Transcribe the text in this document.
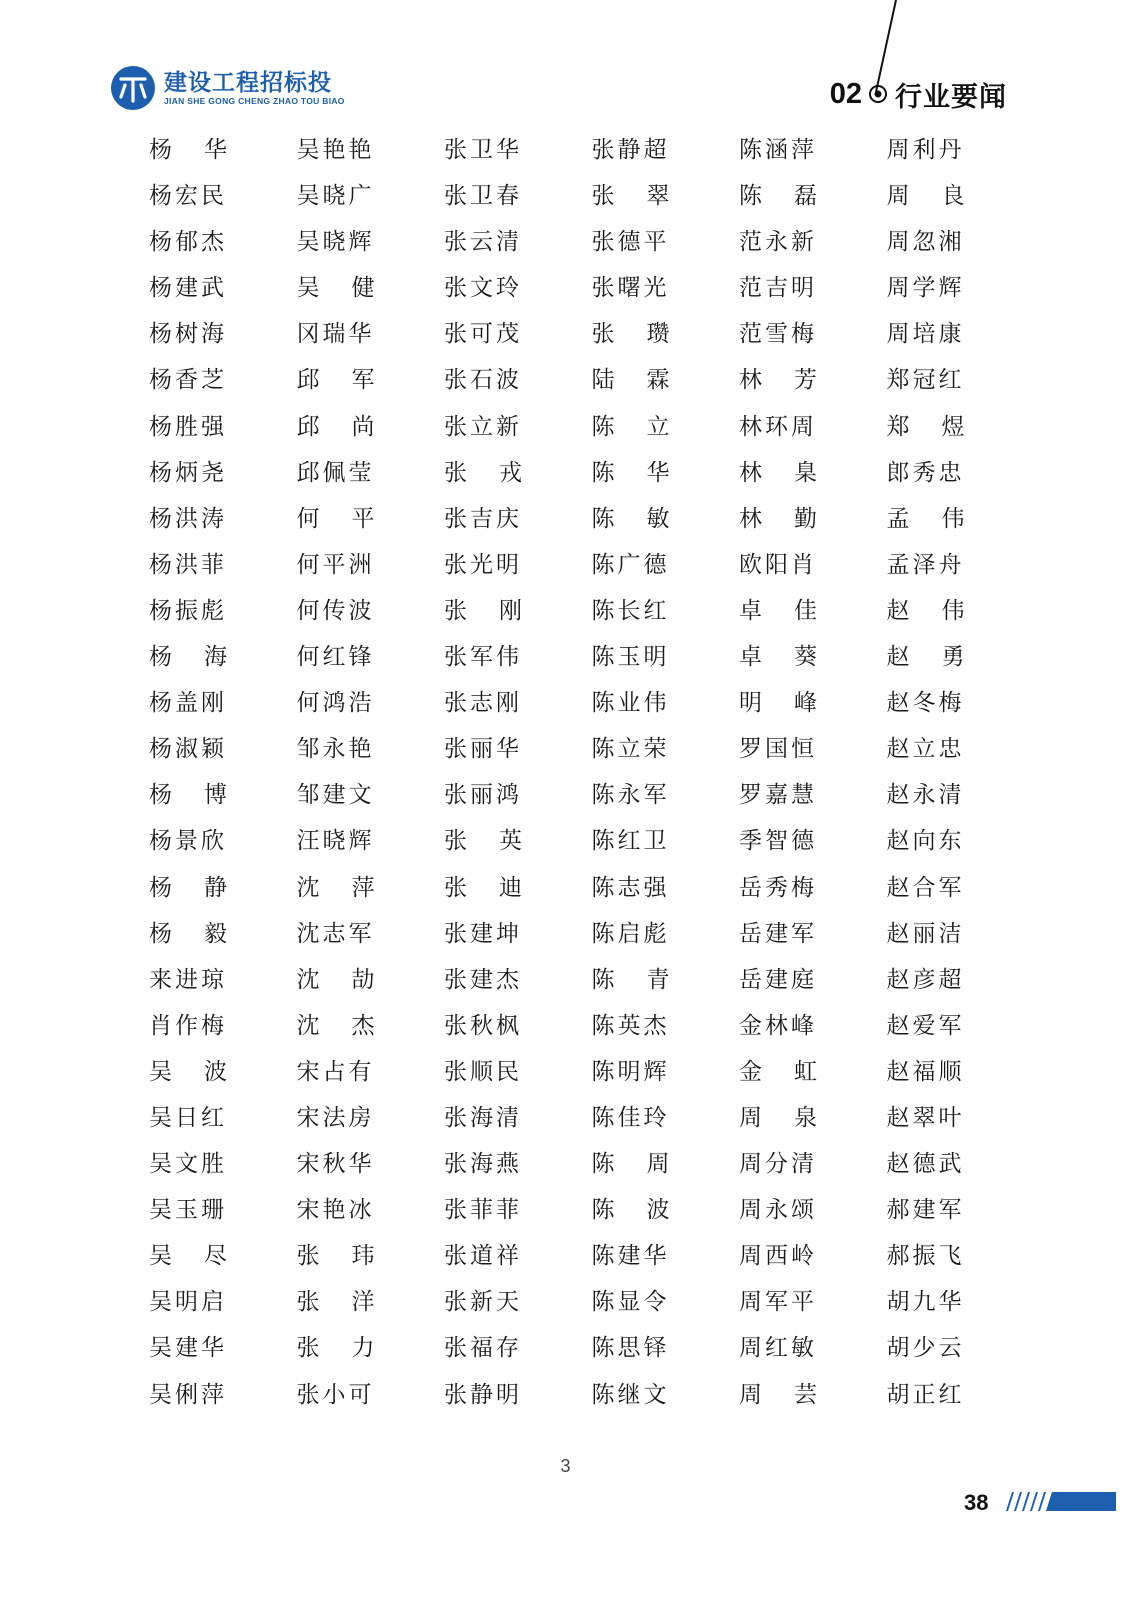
建设工程招标投
JIAN SHE GONG CHENG ZHAO TOU BIAO	02 行业要闻
杨 华	吴艳艳	张卫华	张静超	陈涵萍	周利丹
杨宏民	吴晓广	张卫春	张 翠	陈 磊	周 良
杨郁杰	吴晓辉	张云清	张德平	范永新	周忽湘
杨建武	吴 健	张文玲	张曙光	范吉明	周学辉
杨树海	冈瑞华	张可茂	张 瓒	范雪梅	周培康
杨香芝	邱 军	张石波	陆 霖	林 芳	郑冠红
杨胜强	邱 尚	张立新	陈 立	林环周	郑 煜
杨炳尧	邱佩莹	张 戎	陈 华	林 臬	郎秀忠
杨洪涛	何 平	张吉庆	陈 敏	林 勤	孟 伟
杨洪菲	何平洲	张光明	陈广德	欧阳肖	孟泽舟
杨振彪	何传波	张 刚	陈长红	卓 佳	赵 伟
杨 海	何红锋	张军伟	陈玉明	卓 葵	赵 勇
杨盖刚	何鸿浩	张志刚	陈业伟	明 峰	赵冬梅
杨淑颖	邹永艳	张丽华	陈立荣	罗国恒	赵立忠
杨 博	邹建文	张丽鸿	陈永军	罗嘉慧	赵永清
杨景欣	汪晓辉	张 英	陈红卫	季智德	赵向东
杨 静	沈 萍	张 迪	陈志强	岳秀梅	赵合军
杨 毅	沈志军	张建坤	陈启彪	岳建军	赵丽洁
来进琼	沈 劼	张建杰	陈 青	岳建庭	赵彦超
肖作梅	沈 杰	张秋枫	陈英杰	金林峰	赵爱军
吴 波	宋占有	张顺民	陈明辉	金 虹	赵福顺
吴日红	宋法房	张海清	陈佳玲	周 泉	赵翠叶
吴文胜	宋秋华	张海燕	陈 周	周分清	赵德武
吴玉珊	宋艳冰	张菲菲	陈 波	周永颂	郝建军
吴 尽	张 玮	张道祥	陈建华	周西岭	郝振飞
吴明启	张 洋	张新天	陈显令	周军平	胡九华
吴建华	张 力	张福存	陈思铎	周红敏	胡少云
吴俐萍	张小可	张静明	陈继文	周 芸	胡正红
3
38
